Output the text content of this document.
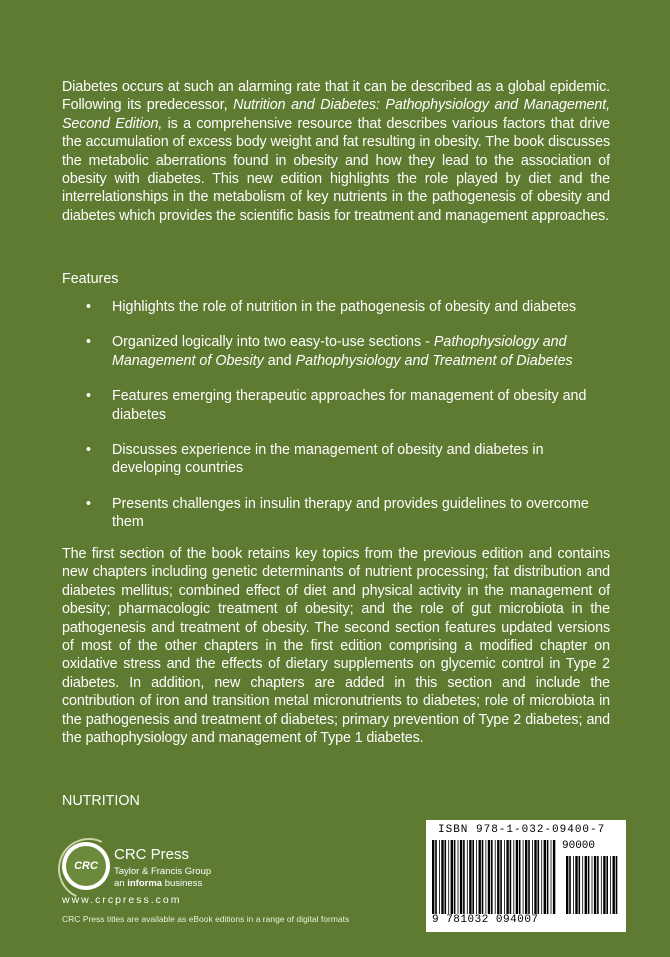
Diabetes occurs at such an alarming rate that it can be described as a global epidemic. Following its predecessor, Nutrition and Diabetes: Pathophysiology and Management, Second Edition, is a comprehensive resource that describes various factors that drive the accumulation of excess body weight and fat resulting in obesity. The book discusses the metabolic aberrations found in obesity and how they lead to the association of obesity with diabetes. This new edition highlights the role played by diet and the interrelationships in the metabolism of key nutrients in the pathogenesis of obesity and diabetes which provides the scientific basis for treatment and management approaches.

Features

• Highlights the role of nutrition in the pathogenesis of obesity and diabetes
• Organized logically into two easy-to-use sections - Pathophysiology and Management of Obesity and Pathophysiology and Treatment of Diabetes
• Features emerging therapeutic approaches for management of obesity and diabetes
• Discusses experience in the management of obesity and diabetes in developing countries
• Presents challenges in insulin therapy and provides guidelines to overcome them

The first section of the book retains key topics from the previous edition and contains new chapters including genetic determinants of nutrient processing; fat distribution and diabetes mellitus; combined effect of diet and physical activity in the management of obesity; pharmacologic treatment of obesity; and the role of gut microbiota in the pathogenesis and treatment of obesity. The second section features updated versions of most of the other chapters in the first edition comprising a modified chapter on oxidative stress and the effects of dietary supplements on glycemic control in Type 2 diabetes. In addition, new chapters are added in this section and include the contribution of iron and transition metal micronutrients to diabetes; role of microbiota in the pathogenesis and treatment of diabetes; primary prevention of Type 2 diabetes; and the pathophysiology and management of Type 1 diabetes.

NUTRITION

CRC
CRC Press
Taylor & Francis Group
an informa business
www.crcpress.com
CRC Press titles are available as eBook editions in a range of digital formats
ISBN 978-1-032-09400-7
90000
9 781032 094007
